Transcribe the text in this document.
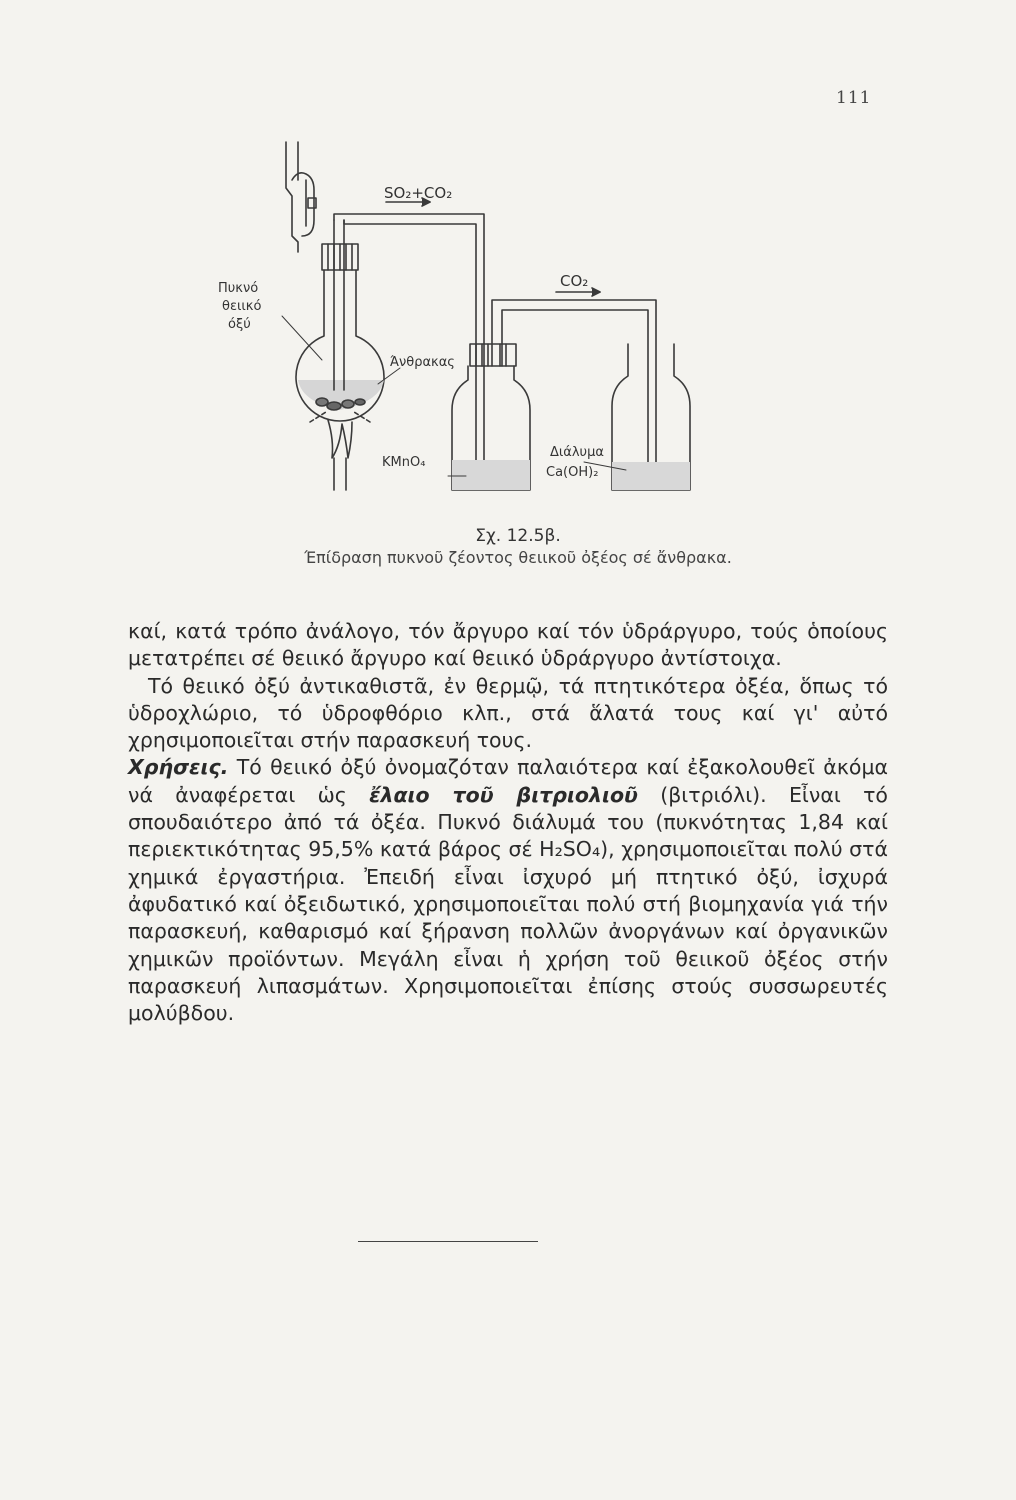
111
SO₂+CO₂
CO₂
Πυκνό
θειικό
όξύ
Άνθρακας
KMnO₄
Διάλυμα
Ca(OH)₂
Σχ. 12.5β.
Έπίδραση πυκνοῦ ζέοντος θειικοῦ ὀξέος σέ ἄνθρακα.

καί, κατά τρόπο ἀνάλογο, τόν ἄργυρο καί τόν ὑδράργυρο, τούς ὁποίους μετατρέπει σέ θειικό ἄργυρο καί θειικό ὑδράργυρο ἀντίστοιχα.

Τό θειικό ὀξύ ἀντικαθιστᾶ, ἐν θερμῷ, τά πτητικότερα ὀξέα, ὅπως τό ὑδροχλώριο, τό ὑδροφθόριο κλπ., στά ἅλατά τους καί γι' αὐτό χρησιμοποιεῖται στήν παρασκευή τους.

Χρήσεις. Τό θειικό ὀξύ ὀνομαζόταν παλαιότερα καί ἐξακολουθεῖ ἀκόμα νά ἀναφέρεται ὡς ἔλαιο τοῦ βιτριολιοῦ (βιτριόλι). Εἶναι τό σπουδαιότερο ἀπό τά ὀξέα. Πυκνό διάλυμά του (πυκνότητας 1,84 καί περιεκτικότητας 95,5% κατά βάρος σέ H₂SO₄), χρησιμοποιεῖται πολύ στά χημικά ἐργαστήρια. Ἐπειδή εἶναι ἰσχυρό μή πτητικό ὀξύ, ἰσχυρά ἀφυδατικό καί ὀξειδωτικό, χρησιμοποιεῖται πολύ στή βιομηχανία γιά τήν παρασκευή, καθαρισμό καί ξήρανση πολλῶν ἀνοργάνων καί ὀργανικῶν χημικῶν προϊόντων. Μεγάλη εἶναι ἡ χρήση τοῦ θειικοῦ ὀξέος στήν παρασκευή λιπασμάτων. Χρησιμοποιεῖται ἐπίσης στούς συσσωρευτές μολύβδου.
